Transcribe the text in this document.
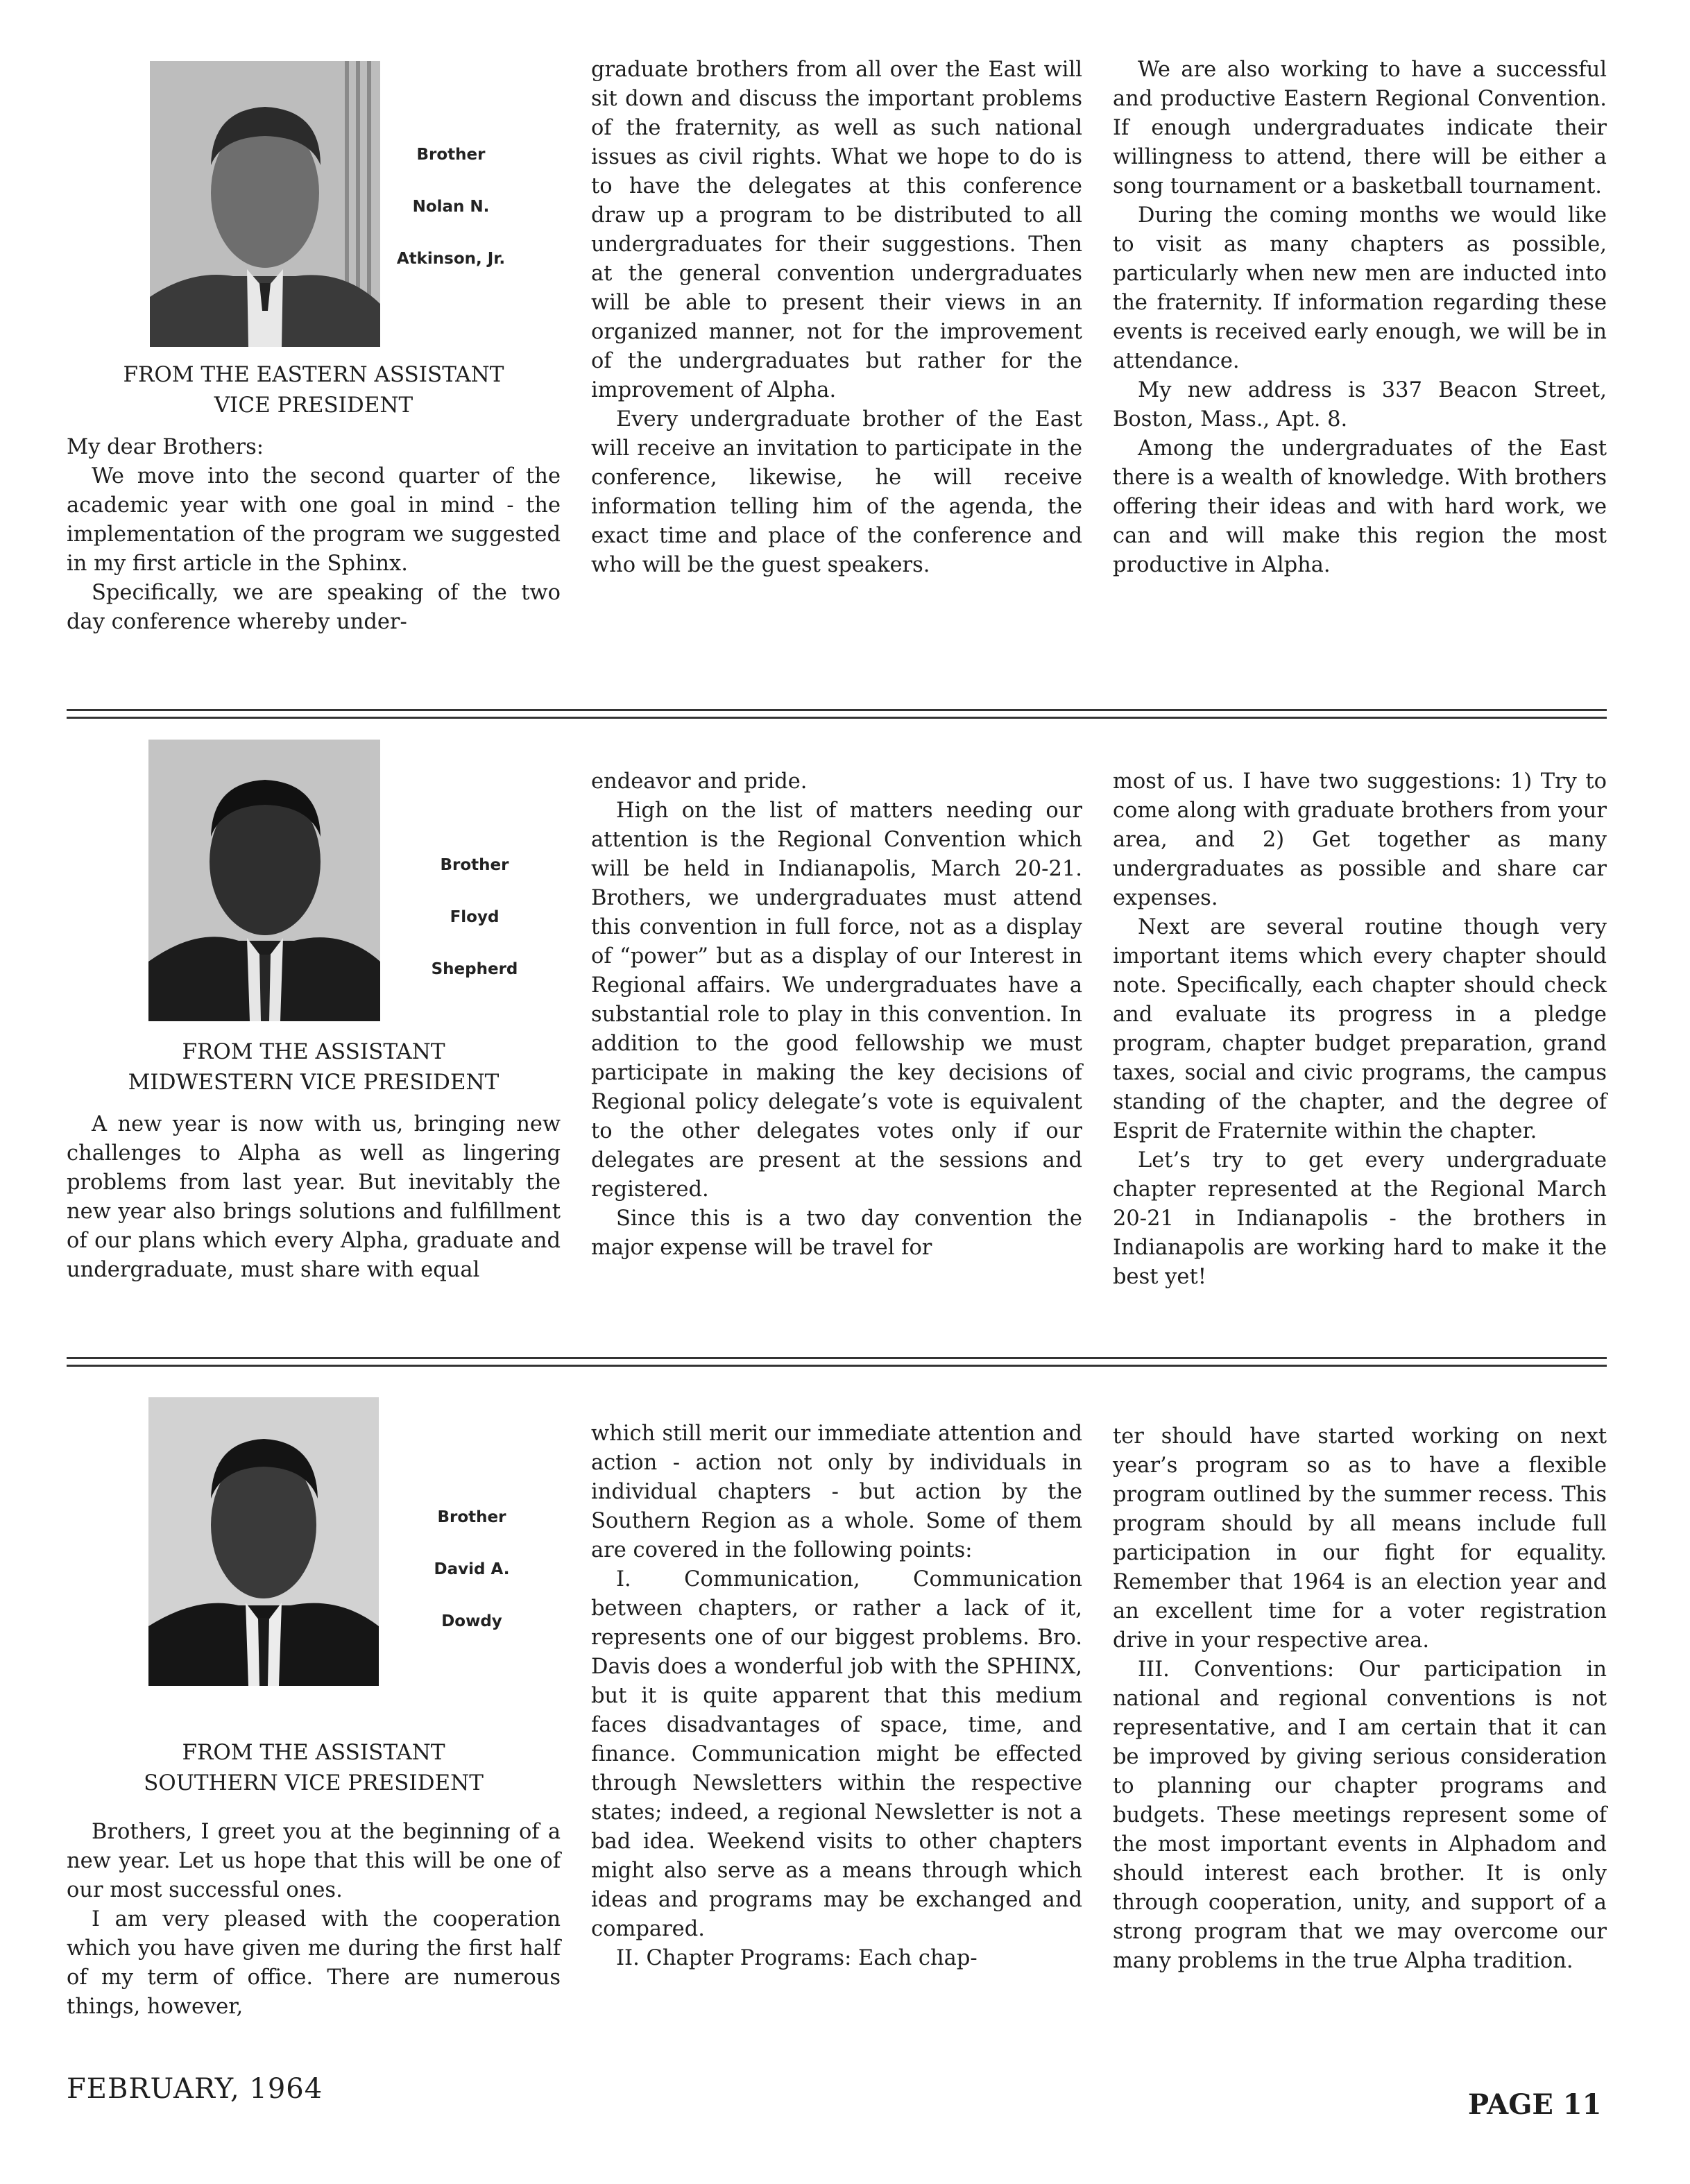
Brother
Nolan N.
Atkinson, Jr.
FROM THE EASTERN ASSISTANT
VICE PRESIDENT

My dear Brothers:

We move into the second quarter of the academic year with one goal in mind - the implementation of the program we suggested in my first article in the Sphinx.

Specifically, we are speaking of the two day conference whereby under-

graduate brothers from all over the East will sit down and discuss the important problems of the fraternity, as well as such national issues as civil rights. What we hope to do is to have the delegates at this conference draw up a program to be distributed to all undergraduates for their suggestions. Then at the general convention undergraduates will be able to present their views in an organized manner, not for the improvement of the undergraduates but rather for the improvement of Alpha.

Every undergraduate brother of the East will receive an invitation to participate in the conference, likewise, he will receive information telling him of the agenda, the exact time and place of the conference and who will be the guest speakers.

We are also working to have a successful and productive Eastern Regional Convention. If enough undergraduates indicate their willingness to attend, there will be either a song tournament or a basketball tournament.

During the coming months we would like to visit as many chapters as possible, particularly when new men are inducted into the fraternity. If information regarding these events is received early enough, we will be in attendance.

My new address is 337 Beacon Street, Boston, Mass., Apt. 8.

Among the undergraduates of the East there is a wealth of knowledge. With brothers offering their ideas and with hard work, we can and will make this region the most productive in Alpha.

Brother
Floyd
Shepherd
FROM THE ASSISTANT
MIDWESTERN VICE PRESIDENT

A new year is now with us, bringing new challenges to Alpha as well as lingering problems from last year. But inevitably the new year also brings solutions and fulfillment of our plans which every Alpha, graduate and undergraduate, must share with equal

endeavor and pride.

High on the list of matters needing our attention is the Regional Convention which will be held in Indianapolis, March 20-21. Brothers, we undergraduates must attend this convention in full force, not as a display of “power” but as a display of our Interest in Regional affairs. We undergraduates have a substantial role to play in this convention. In addition to the good fellowship we must participate in making the key decisions of Regional policy delegate’s vote is equivalent to the other delegates votes only if our delegates are present at the sessions and registered.

Since this is a two day convention the major expense will be travel for

most of us. I have two suggestions: 1) Try to come along with graduate brothers from your area, and 2) Get together as many undergraduates as possible and share car expenses.

Next are several routine though very important items which every chapter should note. Specifically, each chapter should check and evaluate its progress in a pledge program, chapter budget preparation, grand taxes, social and civic programs, the campus standing of the chapter, and the degree of Esprit de Fraternite within the chapter.

Let’s try to get every undergraduate chapter represented at the Regional March 20-21 in Indianapolis - the brothers in Indianapolis are working hard to make it the best yet!

Brother
David A.
Dowdy
FROM THE ASSISTANT
SOUTHERN VICE PRESIDENT

Brothers, I greet you at the beginning of a new year. Let us hope that this will be one of our most successful ones.

I am very pleased with the cooperation which you have given me during the first half of my term of office. There are numerous things, however,

which still merit our immediate attention and action - action not only by individuals in individual chapters - but action by the Southern Region as a whole. Some of them are covered in the following points:

I. Communication, Communication between chapters, or rather a lack of it, represents one of our biggest problems. Bro. Davis does a wonderful job with the SPHINX, but it is quite apparent that this medium faces disadvantages of space, time, and finance. Communication might be effected through Newsletters within the respective states; indeed, a regional Newsletter is not a bad idea. Weekend visits to other chapters might also serve as a means through which ideas and programs may be exchanged and compared.

II. Chapter Programs: Each chap-

ter should have started working on next year’s program so as to have a flexible program outlined by the summer recess. This program should by all means include full participation in our fight for equality. Remember that 1964 is an election year and an excellent time for a voter registration drive in your respective area.

III. Conventions: Our participation in national and regional conventions is not representative, and I am certain that it can be improved by giving serious consideration to planning our chapter programs and budgets. These meetings represent some of the most important events in Alphadom and should interest each brother. It is only through cooperation, unity, and support of a strong program that we may overcome our many problems in the true Alpha tradition.

FEBRUARY, 1964	PAGE 11
